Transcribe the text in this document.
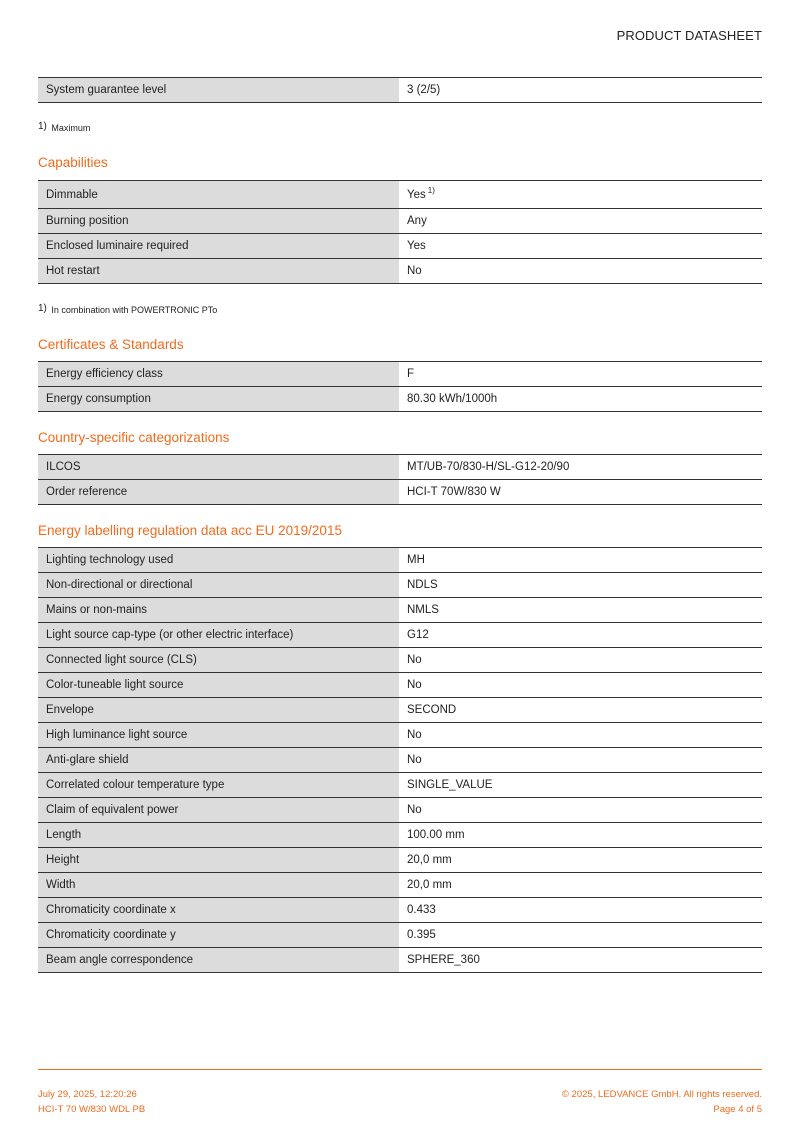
PRODUCT DATASHEET
System guarantee level	3 (2/5)
1) Maximum
Capabilities
Dimmable	Yes $^{1)}$
Burning position	Any
Enclosed luminaire required	Yes
Hot restart	No
1) In combination with POWERTRONIC PTo
Certificates & Standards
Energy efficiency class	F
Energy consumption	80.30 kWh/1000h
Country-specific categorizations
ILCOS	MT/UB-70/830-H/SL-G12-20/90
Order reference	HCI-T 70W/830 W
Energy labelling regulation data acc EU 2019/2015
Lighting technology used	MH
Non-directional or directional	NDLS
Mains or non-mains	NMLS
Light source cap-type (or other electric interface)	G12
Connected light source (CLS)	No
Color-tuneable light source	No
Envelope	SECOND
High luminance light source	No
Anti-glare shield	No
Correlated colour temperature type	SINGLE_VALUE
Claim of equivalent power	No
Length	100.00 mm
Height	20,0 mm
Width	20,0 mm
Chromaticity coordinate x	0.433
Chromaticity coordinate y	0.395
Beam angle correspondence	SPHERE_360
July 29, 2025, 12:20:26
HCI-T 70 W/830 WDL PB
© 2025, LEDVANCE GmbH. All rights reserved.
Page 4 of 5
